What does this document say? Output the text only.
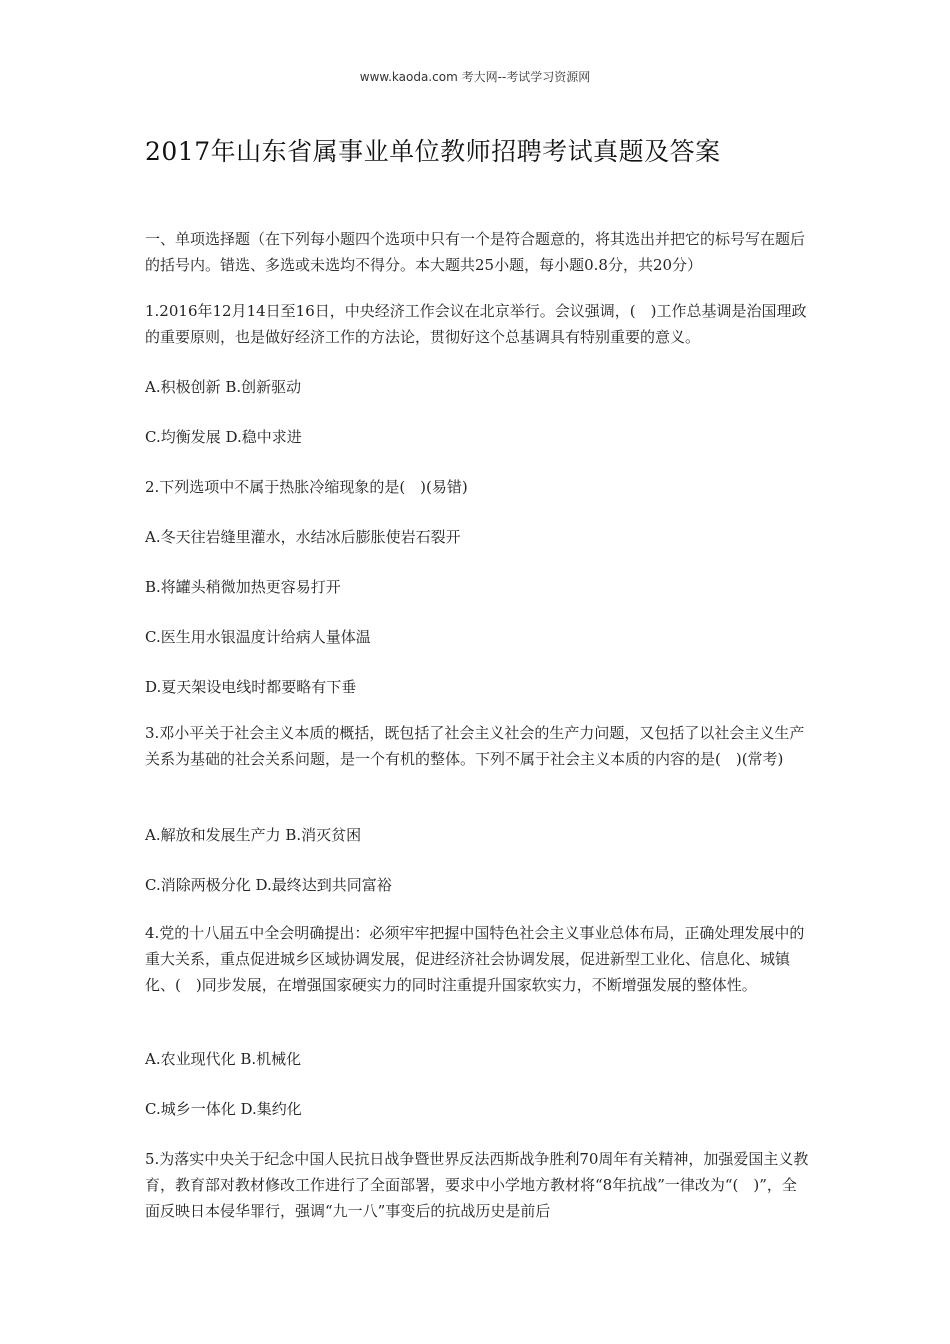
www.kaoda.com 考大网--考试学习资源网
2017年山东省属事业单位教师招聘考试真题及答案

一、单项选择题（在下列每小题四个选项中只有一个是符合题意的，将其选出并把它的标号写在题后的括号内。错选、多选或未选均不得分。本大题共25小题，每小题0.8分，共20分）

1.2016年12月14日至16日，中央经济工作会议在北京举行。会议强调，(　)工作总基调是治国理政的重要原则，也是做好经济工作的方法论，贯彻好这个总基调具有特别重要的意义。

A.积极创新 B.创新驱动

C.均衡发展 D.稳中求进

2.下列选项中不属于热胀冷缩现象的是(　)(易错)

A.冬天往岩缝里灌水，水结冰后膨胀使岩石裂开

B.将罐头稍微加热更容易打开

C.医生用水银温度计给病人量体温

D.夏天架设电线时都要略有下垂

3.邓小平关于社会主义本质的概括，既包括了社会主义社会的生产力问题，又包括了以社会主义生产关系为基础的社会关系问题，是一个有机的整体。下列不属于社会主义本质的内容的是(　)(常考)

A.解放和发展生产力 B.消灭贫困

C.消除两极分化 D.最终达到共同富裕

4.党的十八届五中全会明确提出：必须牢牢把握中国特色社会主义事业总体布局，正确处理发展中的重大关系，重点促进城乡区域协调发展，促进经济社会协调发展，促进新型工业化、信息化、城镇化、(　)同步发展，在增强国家硬实力的同时注重提升国家软实力，不断增强发展的整体性。

A.农业现代化 B.机械化

C.城乡一体化 D.集约化

5.为落实中央关于纪念中国人民抗日战争暨世界反法西斯战争胜利70周年有关精神，加强爱国主义教育，教育部对教材修改工作进行了全面部署，要求中小学地方教材将“8年抗战”一律改为“(　)”，全面反映日本侵华罪行，强调“九一八”事变后的抗战历史是前后
